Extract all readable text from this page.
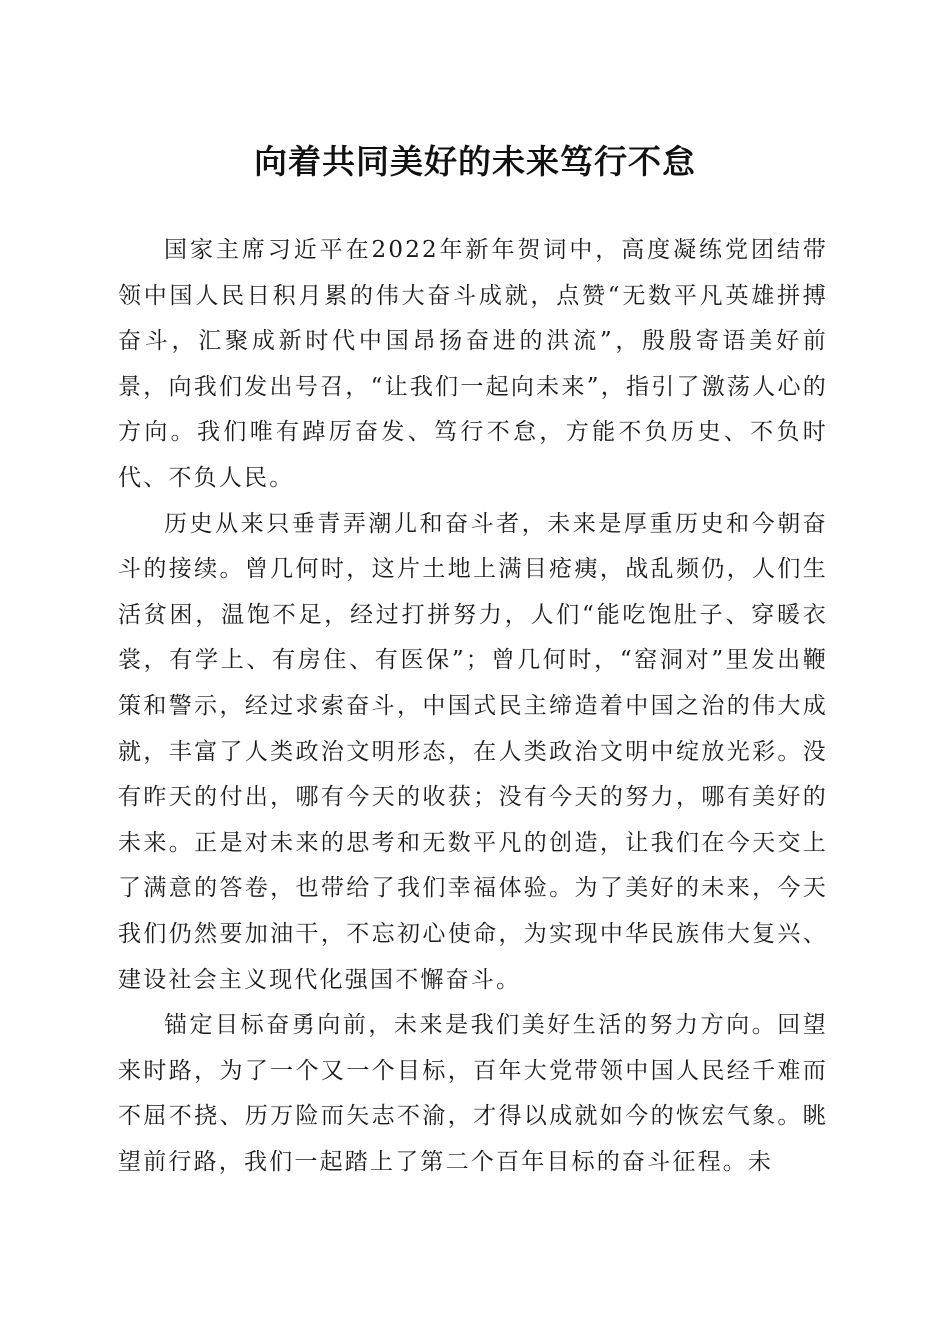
向着共同美好的未来笃行不怠

国家主席习近平在2022年新年贺词中，高度凝练党团结带领中国人民日积月累的伟大奋斗成就，点赞“无数平凡英雄拼搏奋斗，汇聚成新时代中国昂扬奋进的洪流”，殷殷寄语美好前景，向我们发出号召，“让我们一起向未来”，指引了激荡人心的方向。我们唯有踔厉奋发、笃行不怠，方能不负历史、不负时代、不负人民。

历史从来只垂青弄潮儿和奋斗者，未来是厚重历史和今朝奋斗的接续。曾几何时，这片土地上满目疮痍，战乱频仍，人们生活贫困，温饱不足，经过打拼努力，人们“能吃饱肚子、穿暖衣裳，有学上、有房住、有医保”；曾几何时，“窑洞对”里发出鞭策和警示，经过求索奋斗，中国式民主缔造着中国之治的伟大成就，丰富了人类政治文明形态，在人类政治文明中绽放光彩。没有昨天的付出，哪有今天的收获；没有今天的努力，哪有美好的未来。正是对未来的思考和无数平凡的创造，让我们在今天交上了满意的答卷，也带给了我们幸福体验。为了美好的未来，今天我们仍然要加油干，不忘初心使命，为实现中华民族伟大复兴、建设社会主义现代化强国不懈奋斗。

锚定目标奋勇向前，未来是我们美好生活的努力方向。回望来时路，为了一个又一个目标，百年大党带领中国人民经千难而不屈不挠、历万险而矢志不渝，才得以成就如今的恢宏气象。眺望前行路，我们一起踏上了第二个百年目标的奋斗征程。未
